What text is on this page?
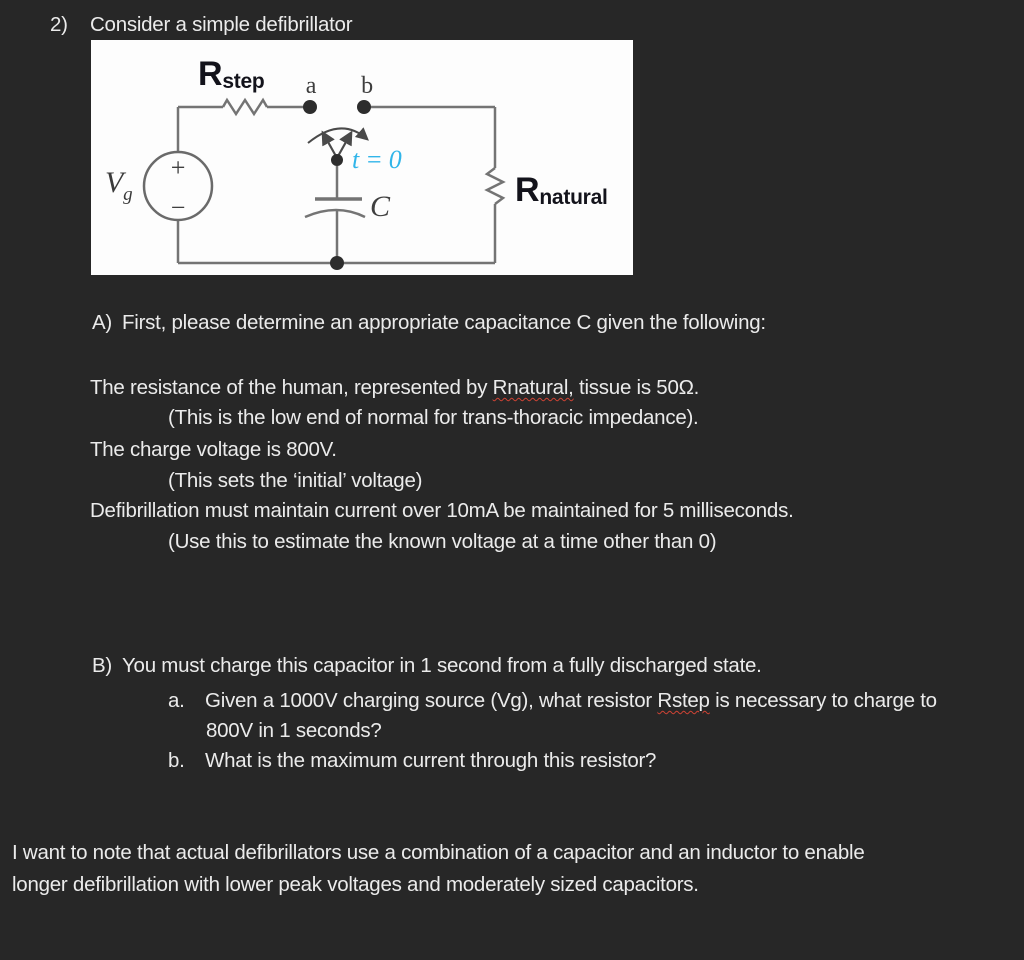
2) Consider a simple defibrillator
+
−
$V_g$
a b
t = 0
C
Rstep
Rnatural
A) First, please determine an appropriate capacitance C given the following:
The resistance of the human, represented by Rnatural, tissue is 50Ω.
(This is the low end of normal for trans-thoracic impedance).
The charge voltage is 800V.
(This sets the ‘initial’ voltage)
Defibrillation must maintain current over 10mA be maintained for 5 milliseconds.
(Use this to estimate the known voltage at a time other than 0)
B) You must charge this capacitor in 1 second from a fully discharged state.
a. Given a 1000V charging source (Vg), what resistor Rstep is necessary to charge to
800V in 1 seconds?
b. What is the maximum current through this resistor?
I want to note that actual defibrillators use a combination of a capacitor and an inductor to enable
longer defibrillation with lower peak voltages and moderately sized capacitors.
